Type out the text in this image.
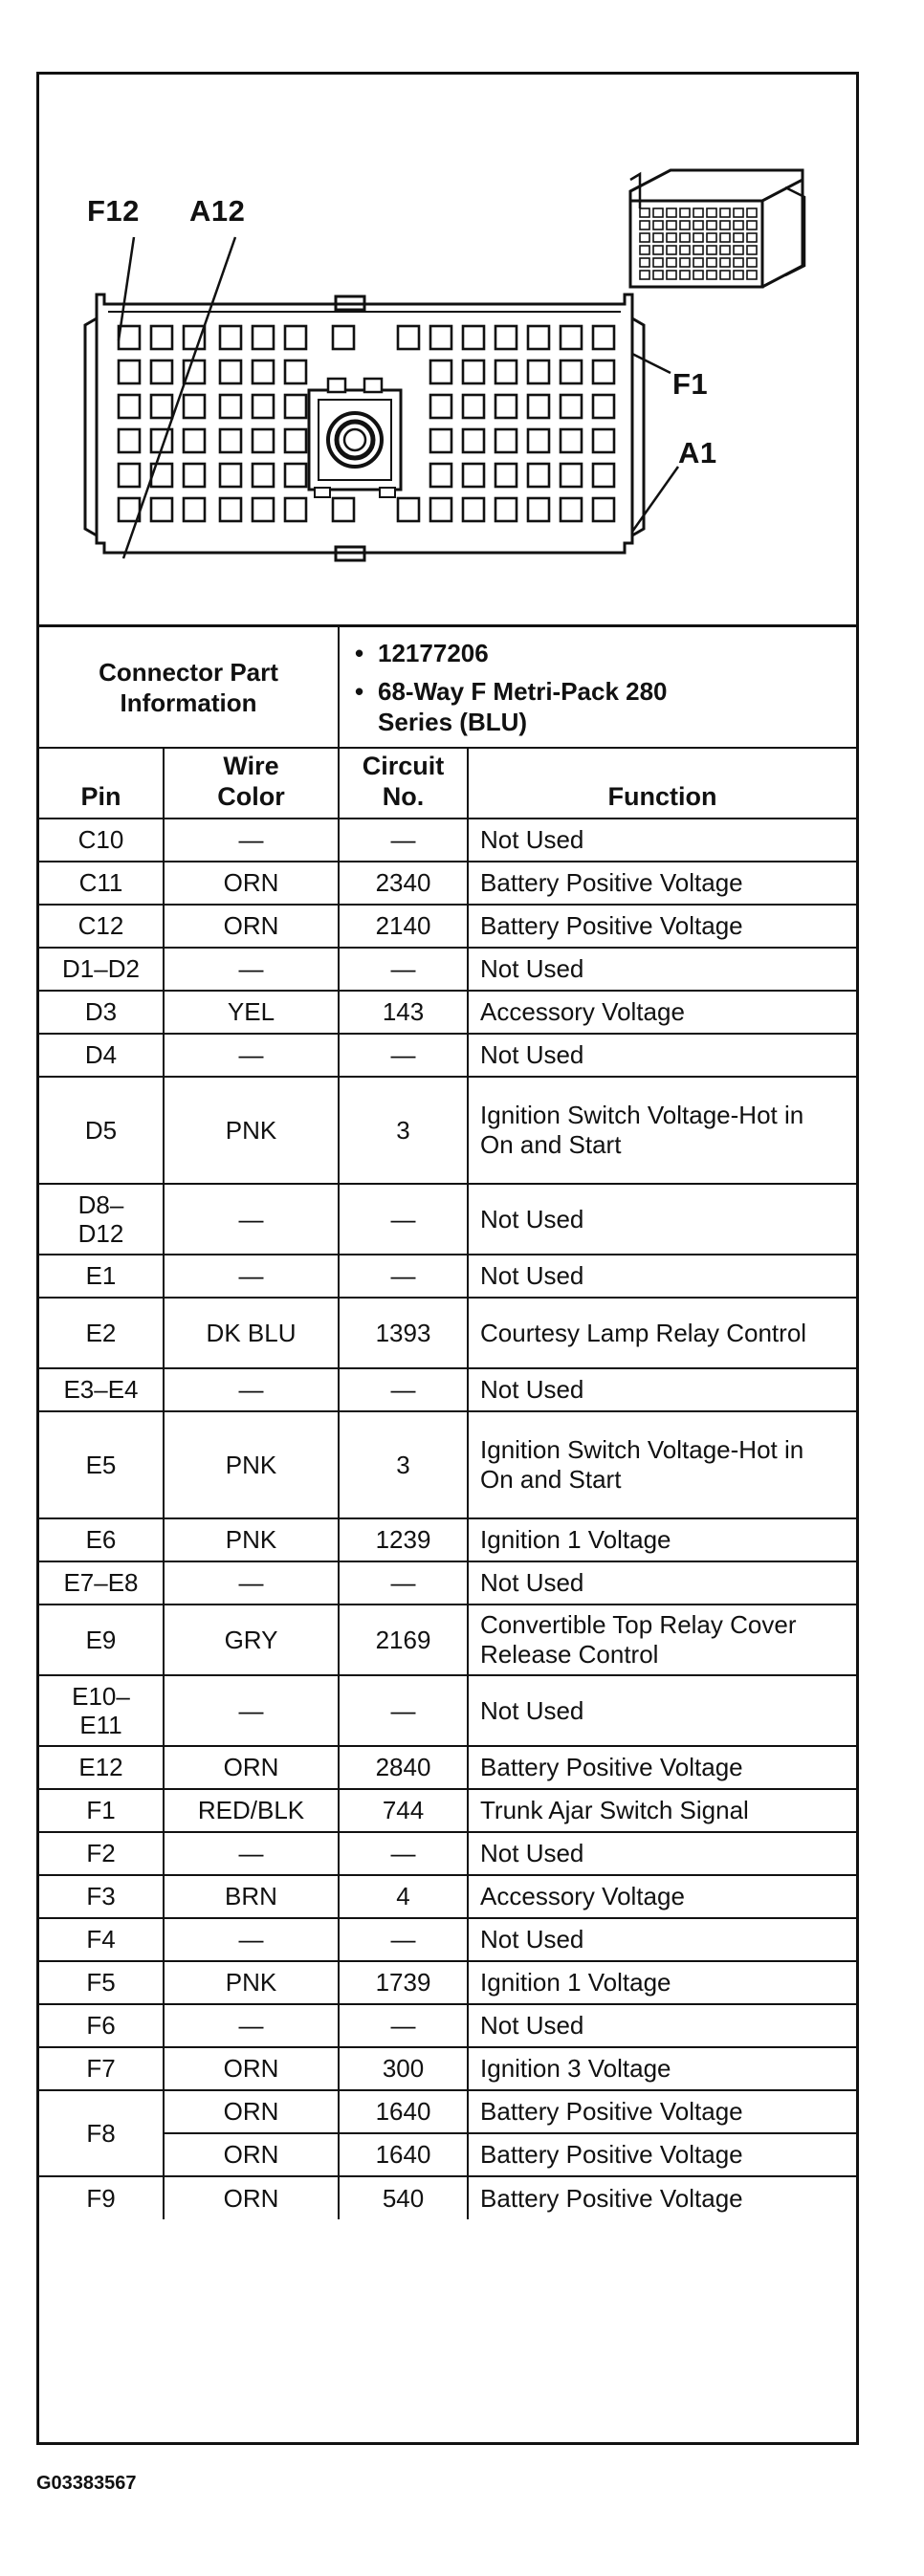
F12 A12
F1
A1
Connector Part Information		• 12177206
• 68-Way F Metri-Pack 280 Series (BLU)

Pin	Wire Color	Circuit No.	Function
C10	—	—	Not Used
C11	ORN	2340	Battery Positive Voltage
C12	ORN	2140	Battery Positive Voltage
D1–D2	—	—	Not Used
D3	YEL	143	Accessory Voltage
D4	—	—	Not Used
D5	PNK	3	Ignition Switch Voltage-Hot in On and Start
D8–D12	—	—	Not Used
E1	—	—	Not Used
E2	DK BLU	1393	Courtesy Lamp Relay Control
E3–E4	—	—	Not Used
E5	PNK	3	Ignition Switch Voltage-Hot in On and Start
E6	PNK	1239	Ignition 1 Voltage
E7–E8	—	—	Not Used
E9	GRY	2169	Convertible Top Relay Cover Release Control
E10–E11	—	—	Not Used
E12	ORN	2840	Battery Positive Voltage
F1	RED/BLK	744	Trunk Ajar Switch Signal
F2	—	—	Not Used
F3	BRN	4	Accessory Voltage
F4	—	—	Not Used
F5	PNK	1739	Ignition 1 Voltage
F6	—	—	Not Used
F7	ORN	300	Ignition 3 Voltage
F8	ORN	1640	Battery Positive Voltage
	ORN	1640	Battery Positive Voltage
F9	ORN	540	Battery Positive Voltage
G03383567
